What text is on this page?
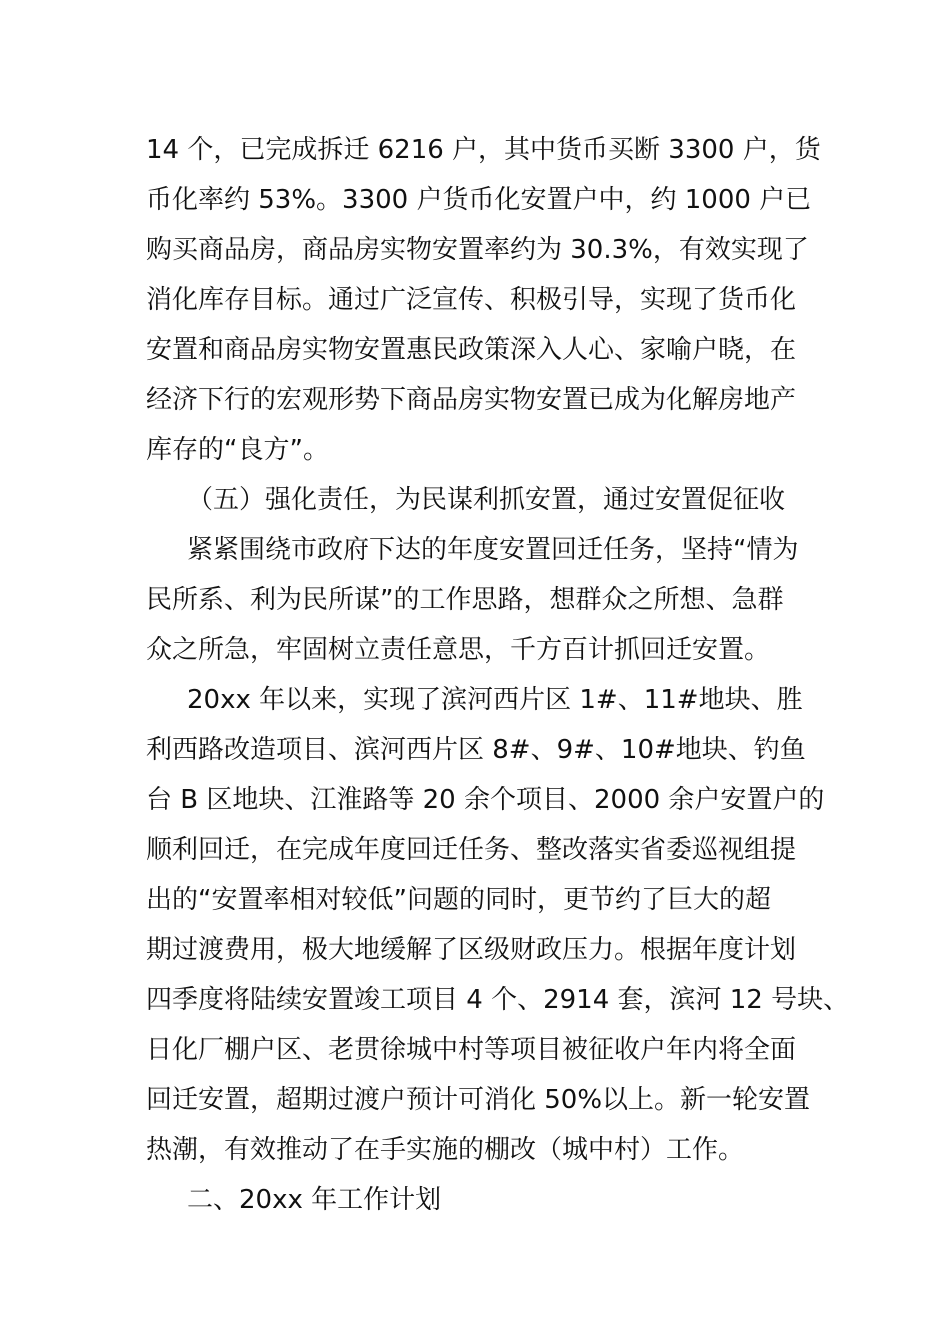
14 个，已完成拆迁 6216 户，其中货币买断 3300 户，货
币化率约 53%。3300 户货币化安置户中，约 1000 户已
购买商品房，商品房实物安置率约为 30.3%，有效实现了
消化库存目标。通过广泛宣传、积极引导，实现了货币化
安置和商品房实物安置惠民政策深入人心、家喻户晓，在
经济下行的宏观形势下商品房实物安置已成为化解房地产
库存的“良方”。
（五）强化责任，为民谋利抓安置，通过安置促征收
紧紧围绕市政府下达的年度安置回迁任务，坚持“情为
民所系、利为民所谋”的工作思路，想群众之所想、急群
众之所急，牢固树立责任意思，千方百计抓回迁安置。
20xx 年以来，实现了滨河西片区 1#、11#地块、胜
利西路改造项目、滨河西片区 8#、9#、10#地块、钓鱼
台 B 区地块、江淮路等 20 余个项目、2000 余户安置户的
顺利回迁，在完成年度回迁任务、整改落实省委巡视组提
出的“安置率相对较低”问题的同时，更节约了巨大的超
期过渡费用，极大地缓解了区级财政压力。根据年度计划
四季度将陆续安置竣工项目 4 个、2914 套，滨河 12 号块、
日化厂棚户区、老贯徐城中村等项目被征收户年内将全面
回迁安置，超期过渡户预计可消化 50%以上。新一轮安置
热潮，有效推动了在手实施的棚改（城中村）工作。
二、20xx 年工作计划
